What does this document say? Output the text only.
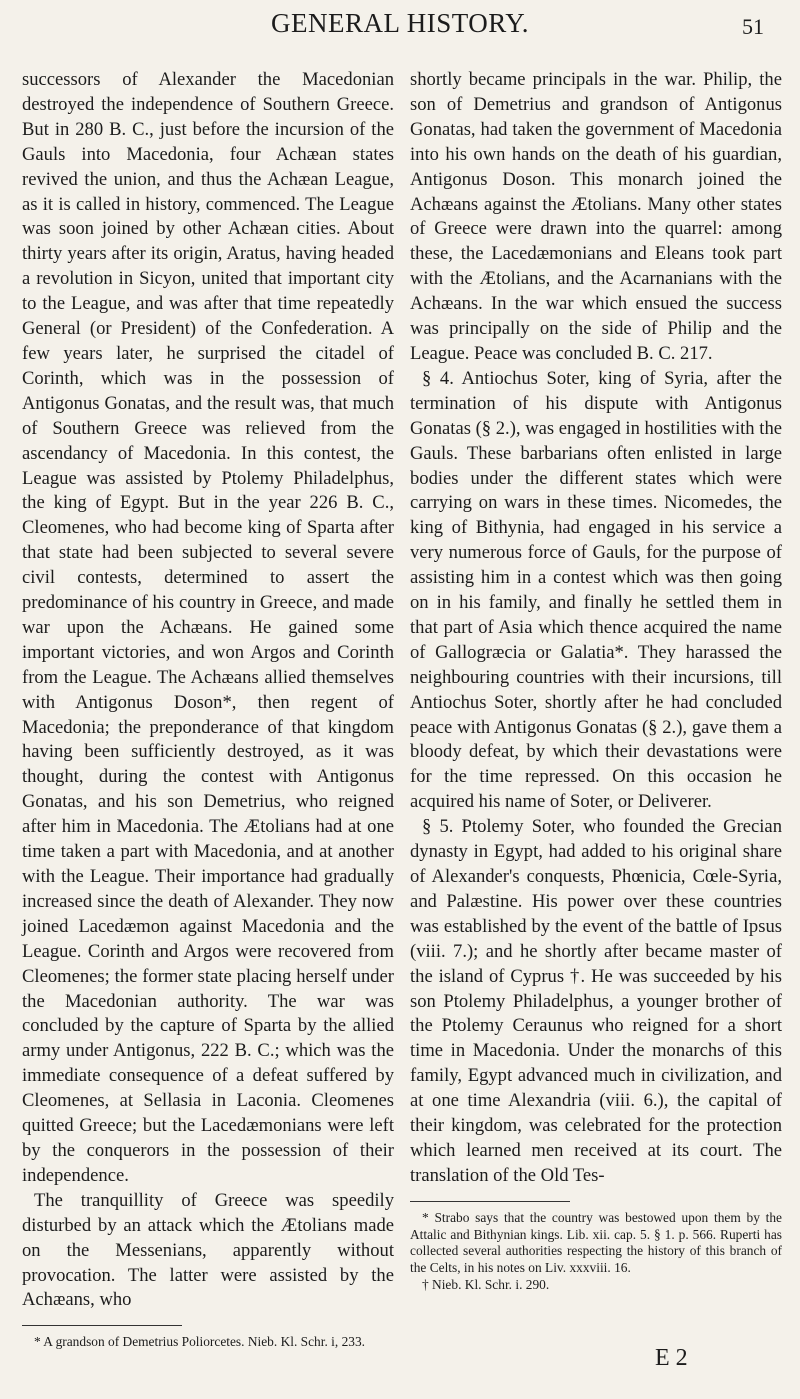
GENERAL HISTORY.	51

successors of Alexander the Macedonian destroyed the independence of Southern Greece. But in 280 B. C., just before the incursion of the Gauls into Macedonia, four Achæan states revived the union, and thus the Achæan League, as it is called in history, commenced. The League was soon joined by other Achæan cities. About thirty years after its origin, Aratus, having headed a revolution in Sicyon, united that important city to the League, and was after that time repeatedly General (or President) of the Confederation. A few years later, he surprised the citadel of Corinth, which was in the possession of Antigonus Gonatas, and the result was, that much of Southern Greece was relieved from the ascendancy of Macedonia. In this contest, the League was assisted by Ptolemy Philadelphus, the king of Egypt. But in the year 226 B. C., Cleomenes, who had become king of Sparta after that state had been subjected to several severe civil contests, determined to assert the predominance of his country in Greece, and made war upon the Achæans. He gained some important victories, and won Argos and Corinth from the League. The Achæans allied themselves with Antigonus Doson*, then regent of Macedonia; the preponderance of that kingdom having been sufficiently destroyed, as it was thought, during the contest with Antigonus Gonatas, and his son Demetrius, who reigned after him in Macedonia. The Ætolians had at one time taken a part with Macedonia, and at another with the League. Their importance had gradually increased since the death of Alexander. They now joined Lacedæmon against Macedonia and the League. Corinth and Argos were recovered from Cleomenes; the former state placing herself under the Macedonian authority. The war was concluded by the capture of Sparta by the allied army under Antigonus, 222 B. C.; which was the immediate consequence of a defeat suffered by Cleomenes, at Sellasia in Laconia. Cleomenes quitted Greece; but the Lacedæmonians were left by the conquerors in the possession of their independence.

The tranquillity of Greece was speedily disturbed by an attack which the Ætolians made on the Messenians, apparently without provocation. The latter were assisted by the Achæans, who

* A grandson of Demetrius Poliorcetes. Nieb. Kl. Schr. i, 233.

shortly became principals in the war. Philip, the son of Demetrius and grandson of Antigonus Gonatas, had taken the government of Macedonia into his own hands on the death of his guardian, Antigonus Doson. This monarch joined the Achæans against the Ætolians. Many other states of Greece were drawn into the quarrel: among these, the Lacedæmonians and Eleans took part with the Ætolians, and the Acarnanians with the Achæans. In the war which ensued the success was principally on the side of Philip and the League. Peace was concluded B. C. 217.

§ 4. Antiochus Soter, king of Syria, after the termination of his dispute with Antigonus Gonatas (§ 2.), was engaged in hostilities with the Gauls. These barbarians often enlisted in large bodies under the different states which were carrying on wars in these times. Nicomedes, the king of Bithynia, had engaged in his service a very numerous force of Gauls, for the purpose of assisting him in a contest which was then going on in his family, and finally he settled them in that part of Asia which thence acquired the name of Gallogræcia or Galatia*. They harassed the neighbouring countries with their incursions, till Antiochus Soter, shortly after he had concluded peace with Antigonus Gonatas (§ 2.), gave them a bloody defeat, by which their devastations were for the time repressed. On this occasion he acquired his name of Soter, or Deliverer.

§ 5. Ptolemy Soter, who founded the Grecian dynasty in Egypt, had added to his original share of Alexander's conquests, Phœnicia, Cœle-Syria, and Palæstine. His power over these countries was established by the event of the battle of Ipsus (viii. 7.); and he shortly after became master of the island of Cyprus †. He was succeeded by his son Ptolemy Philadelphus, a younger brother of the Ptolemy Ceraunus who reigned for a short time in Macedonia. Under the monarchs of this family, Egypt advanced much in civilization, and at one time Alexandria (viii. 6.), the capital of their kingdom, was celebrated for the protection which learned men received at its court. The translation of the Old Tes-

* Strabo says that the country was bestowed upon them by the Attalic and Bithynian kings. Lib. xii. cap. 5. § 1. p. 566. Ruperti has collected several authorities respecting the history of this branch of the Celts, in his notes on Liv. xxxviii. 16.

† Nieb. Kl. Schr. i. 290.

E 2
